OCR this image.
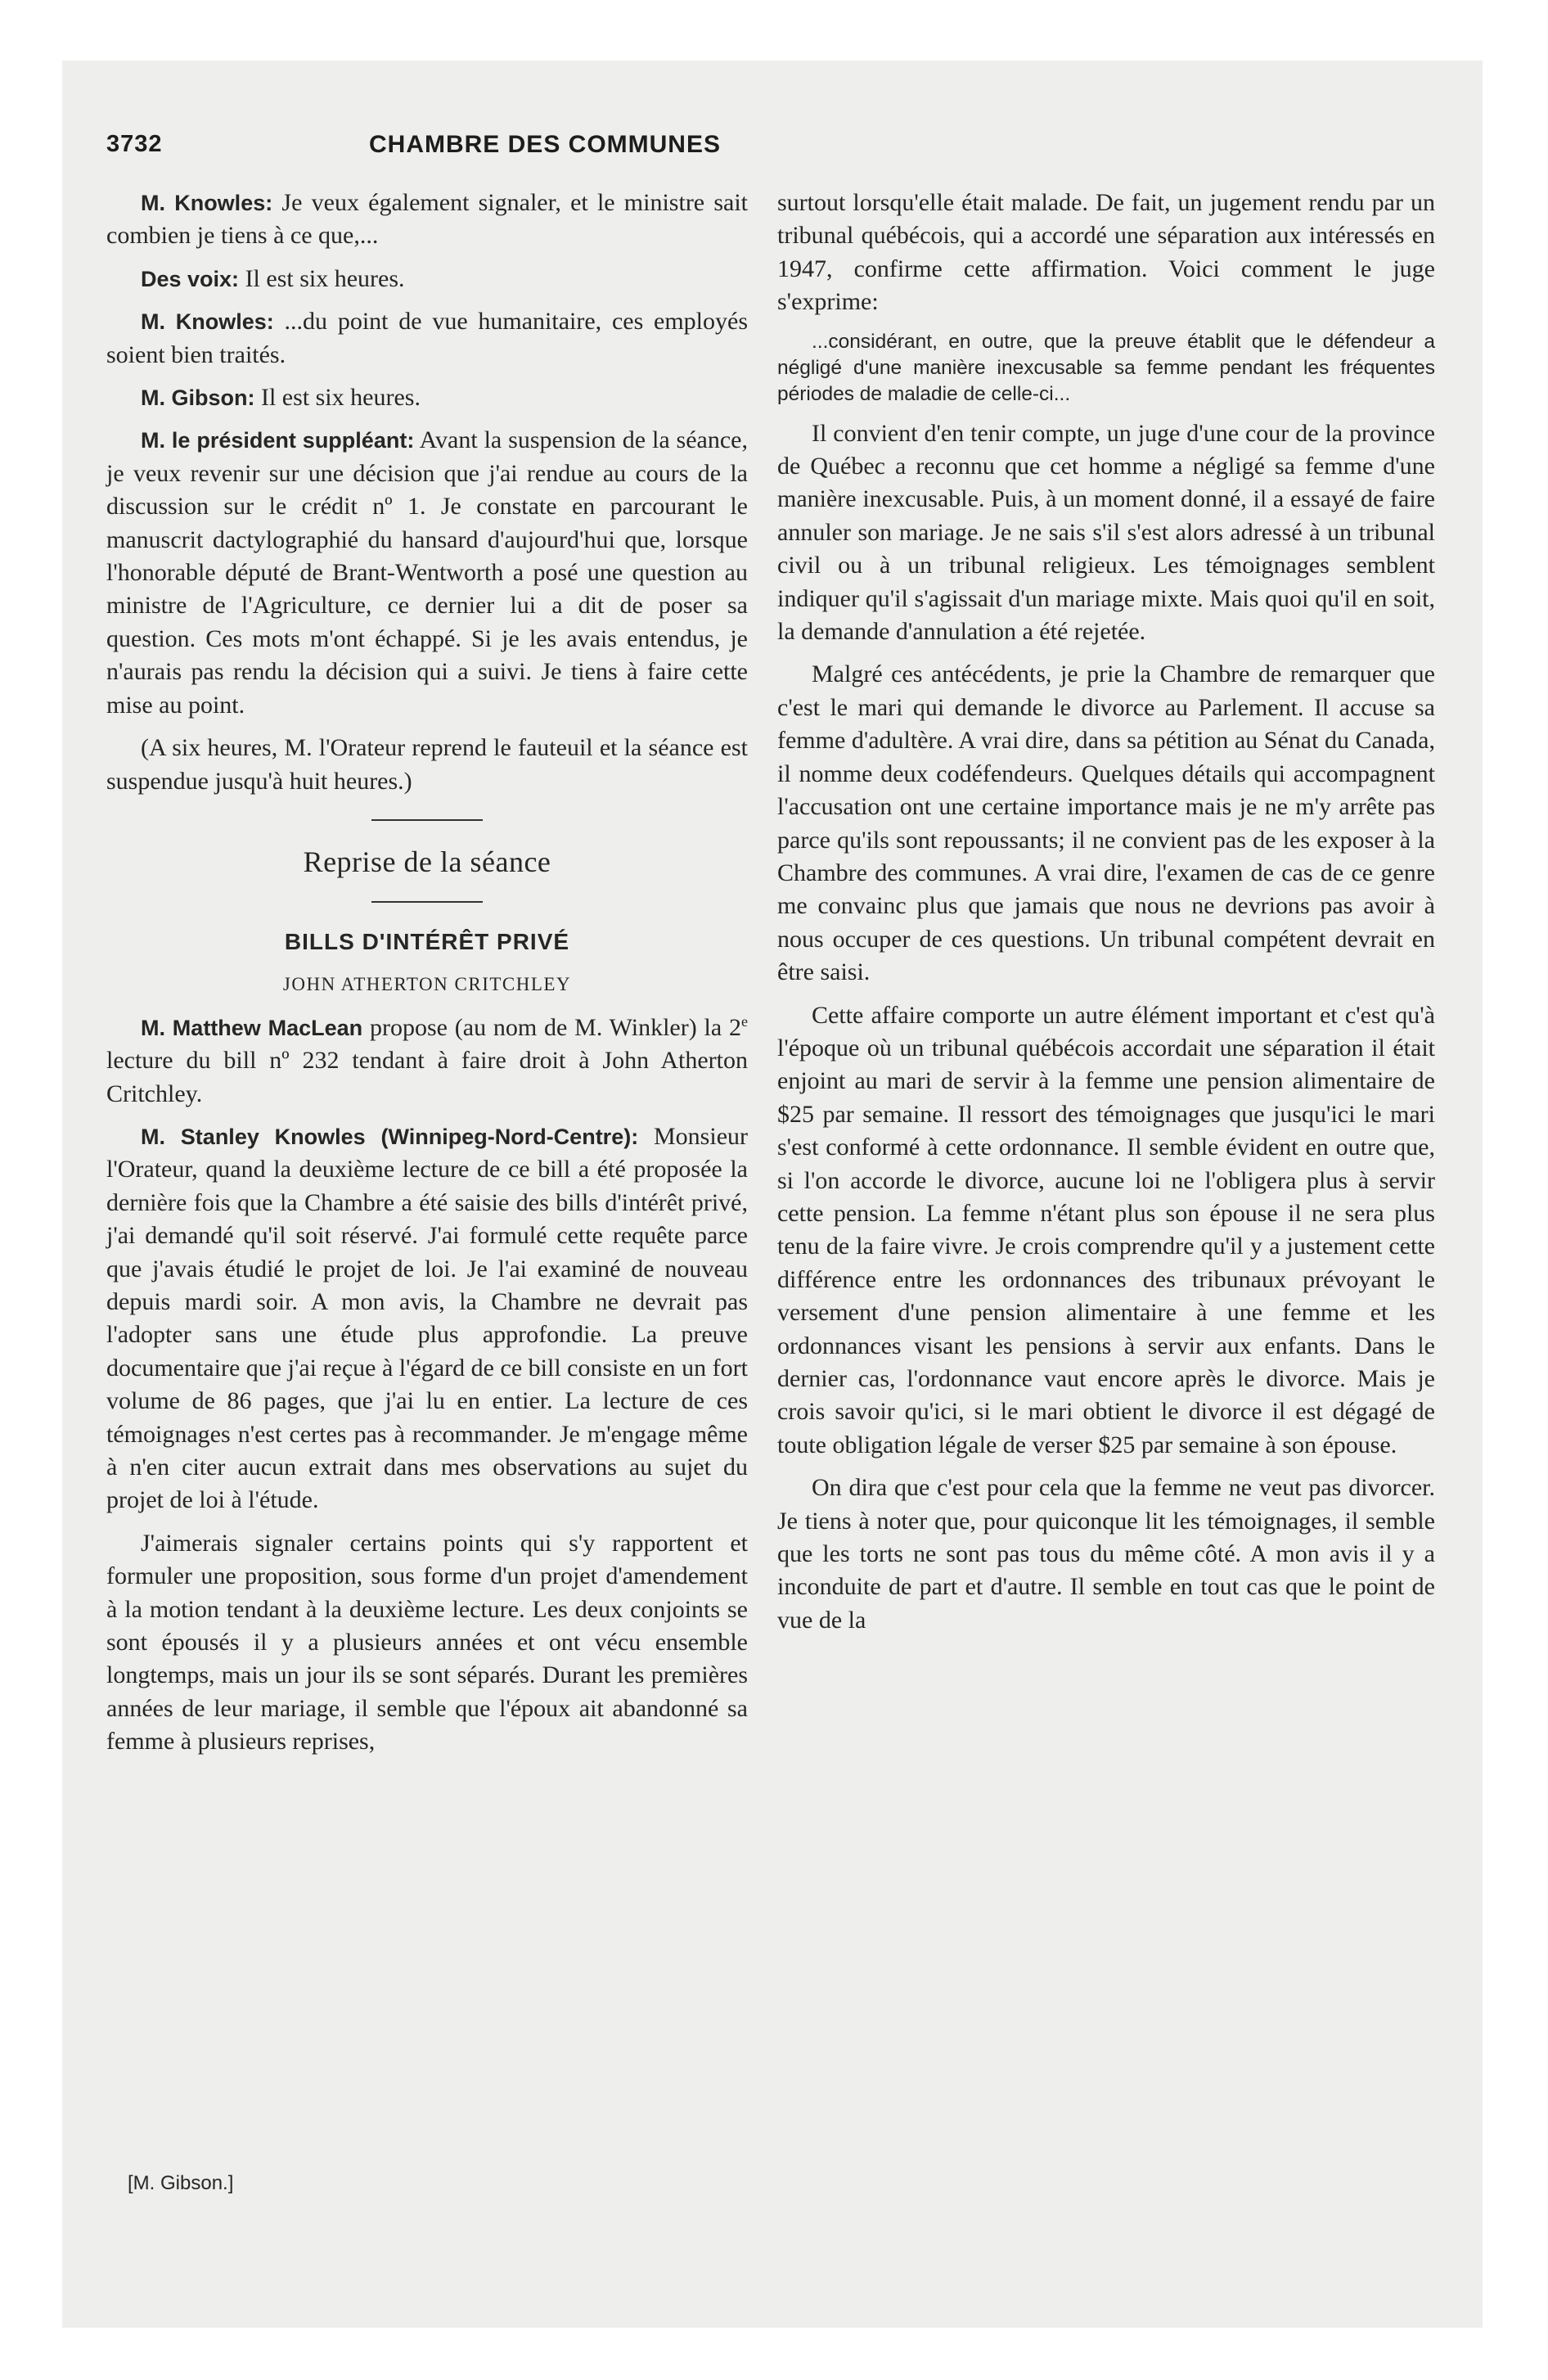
3732	CHAMBRE DES COMMUNES

M. Knowles: Je veux également signaler, et le ministre sait combien je tiens à ce que,...

Des voix: Il est six heures.

M. Knowles: ...du point de vue humanitaire, ces employés soient bien traités.

M. Gibson: Il est six heures.

M. le président suppléant: Avant la suspension de la séance, je veux revenir sur une décision que j'ai rendue au cours de la discussion sur le crédit nº 1. Je constate en parcourant le manuscrit dactylographié du hansard d'aujourd'hui que, lorsque l'honorable député de Brant-Wentworth a posé une question au ministre de l'Agriculture, ce dernier lui a dit de poser sa question. Ces mots m'ont échappé. Si je les avais entendus, je n'aurais pas rendu la décision qui a suivi. Je tiens à faire cette mise au point.

(A six heures, M. l'Orateur reprend le fauteuil et la séance est suspendue jusqu'à huit heures.)

Reprise de la séance

BILLS D'INTÉRÊT PRIVÉ

JOHN ATHERTON CRITCHLEY

M. Matthew MacLean propose (au nom de M. Winkler) la 2e lecture du bill nº 232 tendant à faire droit à John Atherton Critchley.

M. Stanley Knowles (Winnipeg-Nord-Centre): Monsieur l'Orateur, quand la deuxième lecture de ce bill a été proposée la dernière fois que la Chambre a été saisie des bills d'intérêt privé, j'ai demandé qu'il soit réservé. J'ai formulé cette requête parce que j'avais étudié le projet de loi. Je l'ai examiné de nouveau depuis mardi soir. A mon avis, la Chambre ne devrait pas l'adopter sans une étude plus approfondie. La preuve documentaire que j'ai reçue à l'égard de ce bill consiste en un fort volume de 86 pages, que j'ai lu en entier. La lecture de ces témoignages n'est certes pas à recommander. Je m'engage même à n'en citer aucun extrait dans mes observations au sujet du projet de loi à l'étude.

J'aimerais signaler certains points qui s'y rapportent et formuler une proposition, sous forme d'un projet d'amendement à la motion tendant à la deuxième lecture. Les deux conjoints se sont épousés il y a plusieurs années et ont vécu ensemble longtemps, mais un jour ils se sont séparés. Durant les premières années de leur mariage, il semble que l'époux ait abandonné sa femme à plusieurs reprises,

surtout lorsqu'elle était malade. De fait, un jugement rendu par un tribunal québécois, qui a accordé une séparation aux intéressés en 1947, confirme cette affirmation. Voici comment le juge s'exprime:

...considérant, en outre, que la preuve établit que le défendeur a négligé d'une manière inexcusable sa femme pendant les fréquentes périodes de maladie de celle-ci...

Il convient d'en tenir compte, un juge d'une cour de la province de Québec a reconnu que cet homme a négligé sa femme d'une manière inexcusable. Puis, à un moment donné, il a essayé de faire annuler son mariage. Je ne sais s'il s'est alors adressé à un tribunal civil ou à un tribunal religieux. Les témoignages semblent indiquer qu'il s'agissait d'un mariage mixte. Mais quoi qu'il en soit, la demande d'annulation a été rejetée.

Malgré ces antécédents, je prie la Chambre de remarquer que c'est le mari qui demande le divorce au Parlement. Il accuse sa femme d'adultère. A vrai dire, dans sa pétition au Sénat du Canada, il nomme deux codéfendeurs. Quelques détails qui accompagnent l'accusation ont une certaine importance mais je ne m'y arrête pas parce qu'ils sont repoussants; il ne convient pas de les exposer à la Chambre des communes. A vrai dire, l'examen de cas de ce genre me convainc plus que jamais que nous ne devrions pas avoir à nous occuper de ces questions. Un tribunal compétent devrait en être saisi.

Cette affaire comporte un autre élément important et c'est qu'à l'époque où un tribunal québécois accordait une séparation il était enjoint au mari de servir à la femme une pension alimentaire de $25 par semaine. Il ressort des témoignages que jusqu'ici le mari s'est conformé à cette ordonnance. Il semble évident en outre que, si l'on accorde le divorce, aucune loi ne l'obligera plus à servir cette pension. La femme n'étant plus son épouse il ne sera plus tenu de la faire vivre. Je crois comprendre qu'il y a justement cette différence entre les ordonnances des tribunaux prévoyant le versement d'une pension alimentaire à une femme et les ordonnances visant les pensions à servir aux enfants. Dans le dernier cas, l'ordonnance vaut encore après le divorce. Mais je crois savoir qu'ici, si le mari obtient le divorce il est dégagé de toute obligation légale de verser $25 par semaine à son épouse.

On dira que c'est pour cela que la femme ne veut pas divorcer. Je tiens à noter que, pour quiconque lit les témoignages, il semble que les torts ne sont pas tous du même côté. A mon avis il y a inconduite de part et d'autre. Il semble en tout cas que le point de vue de la

[M. Gibson.]
